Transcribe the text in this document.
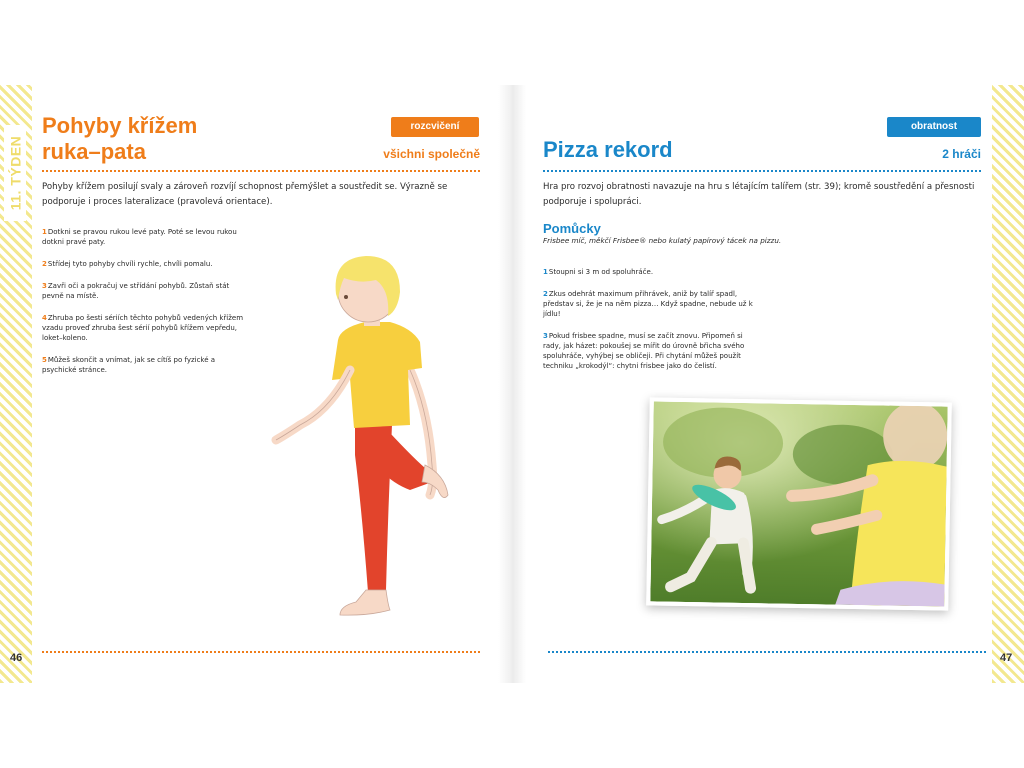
11. TÝDEN
Pohyby křížem
ruka–pata
rozcvičení
všichni společně

Pohyby křížem posilují svaly a zároveň rozvíjí schopnost přemýšlet a soustředit se. Výrazně se podporuje i proces lateralizace (pravolevá orientace).

1Dotkni se pravou rukou levé paty. Poté se levou rukou dotkni pravé paty.

2Střídej tyto pohyby chvíli rychle, chvíli pomalu.

3Zavři oči a pokračuj ve střídání pohybů. Zůstaň stát pevně na místě.

4Zhruba po šesti sériích těchto pohybů vedených křížem vzadu proveď zhruba šest sérií pohybů křížem vepředu, loket–koleno.

5Můžeš skončit a vnímat, jak se cítíš po fyzické a psychické stránce.

46
Pizza rekord
obratnost
2 hráči

Hra pro rozvoj obratnosti navazuje na hru s létajícím talířem (str. 39); kromě soustředění a přesnosti podporuje i spolupráci.

Pomůcky

Frisbee míč, měkčí Frisbee® nebo kulatý papírový tácek na pizzu.

1Stoupni si 3 m od spoluhráče.

2Zkus odehrát maximum přihrávek, aniž by talíř spadl, představ si, že je na něm pizza… Když spadne, nebude už k jídlu!

3Pokud frisbee spadne, musí se začít znovu. Připomeň si rady, jak házet: pokoušej se mířit do úrovně břicha svého spoluhráče, vyhýbej se obličeji. Při chytání můžeš použít techniku „krokodýl“: chytni frisbee jako do čelistí.

47
